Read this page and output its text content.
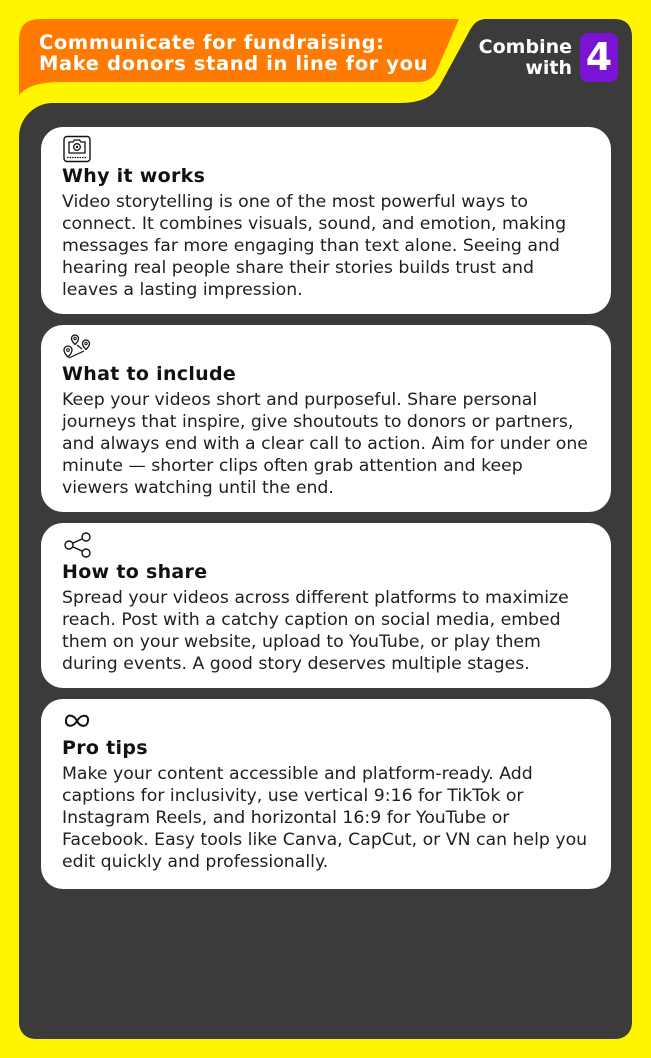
Communicate for fundraising:
Make donors stand in line for you
Combine
with 4
Why it works

Video storytelling is one of the most powerful ways to connect. It combines visuals, sound, and emotion, making messages far more engaging than text alone. Seeing and hearing real people share their stories builds trust and leaves a lasting impression.

What to include

Keep your videos short and purposeful. Share personal journeys that inspire, give shoutouts to donors or partners, and always end with a clear call to action. Aim for under one minute — shorter clips often grab attention and keep viewers watching until the end.

How to share

Spread your videos across different platforms to maximize reach. Post with a catchy caption on social media, embed them on your website, upload to YouTube, or play them during events. A good story deserves multiple stages.

Pro tips

Make your content accessible and platform-ready. Add captions for inclusivity, use vertical 9:16 for TikTok or Instagram Reels, and horizontal 16:9 for YouTube or Facebook. Easy tools like Canva, CapCut, or VN can help you edit quickly and professionally.
